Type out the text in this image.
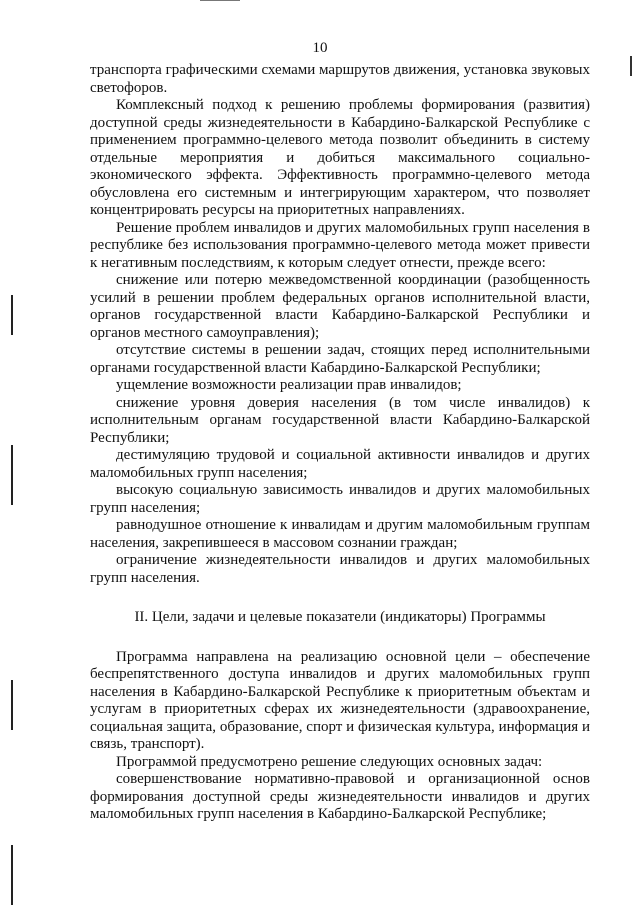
10

транспорта графическими схемами маршрутов движения, установка звуковых светофоров.

Комплексный подход к решению проблемы формирования (развития) доступной среды жизнедеятельности в Кабардино-Балкарской Республике с применением программно-целевого метода позволит объединить в систему отдельные мероприятия и добиться максимального социально-экономического эффекта. Эффективность программно-целевого метода обусловлена его системным и интегрирующим характером, что позволяет концентрировать ресурсы на приоритетных направлениях.

Решение проблем инвалидов и других маломобильных групп населения в республике без использования программно-целевого метода может привести к негативным последствиям, к которым следует отнести, прежде всего:

снижение или потерю межведомственной координации (разобщенность усилий в решении проблем федеральных органов исполнительной власти, органов государственной власти Кабардино-Балкарской Республики и органов местного самоуправления);

отсутствие системы в решении задач, стоящих перед исполнительными органами государственной власти Кабардино-Балкарской Республики;

ущемление возможности реализации прав инвалидов;

снижение уровня доверия населения (в том числе инвалидов) к исполнительным органам государственной власти Кабардино-Балкарской Республики;

дестимуляцию трудовой и социальной активности инвалидов и других маломобильных групп населения;

высокую социальную зависимость инвалидов и других маломобильных групп населения;

равнодушное отношение к инвалидам и другим маломобильным группам населения, закрепившееся в массовом сознании граждан;

ограничение жизнедеятельности инвалидов и других маломобильных групп населения.

II. Цели, задачи и целевые показатели (индикаторы) Программы

Программа направлена на реализацию основной цели – обеспечение беспрепятственного доступа инвалидов и других маломобильных групп населения в Кабардино-Балкарской Республике к приоритетным объектам и услугам в приоритетных сферах их жизнедеятельности (здравоохранение, социальная защита, образование, спорт и физическая культура, информация и связь, транспорт).

Программой предусмотрено решение следующих основных задач:

совершенствование нормативно-правовой и организационной основ формирования доступной среды жизнедеятельности инвалидов и других маломобильных групп населения в Кабардино-Балкарской Республике;
